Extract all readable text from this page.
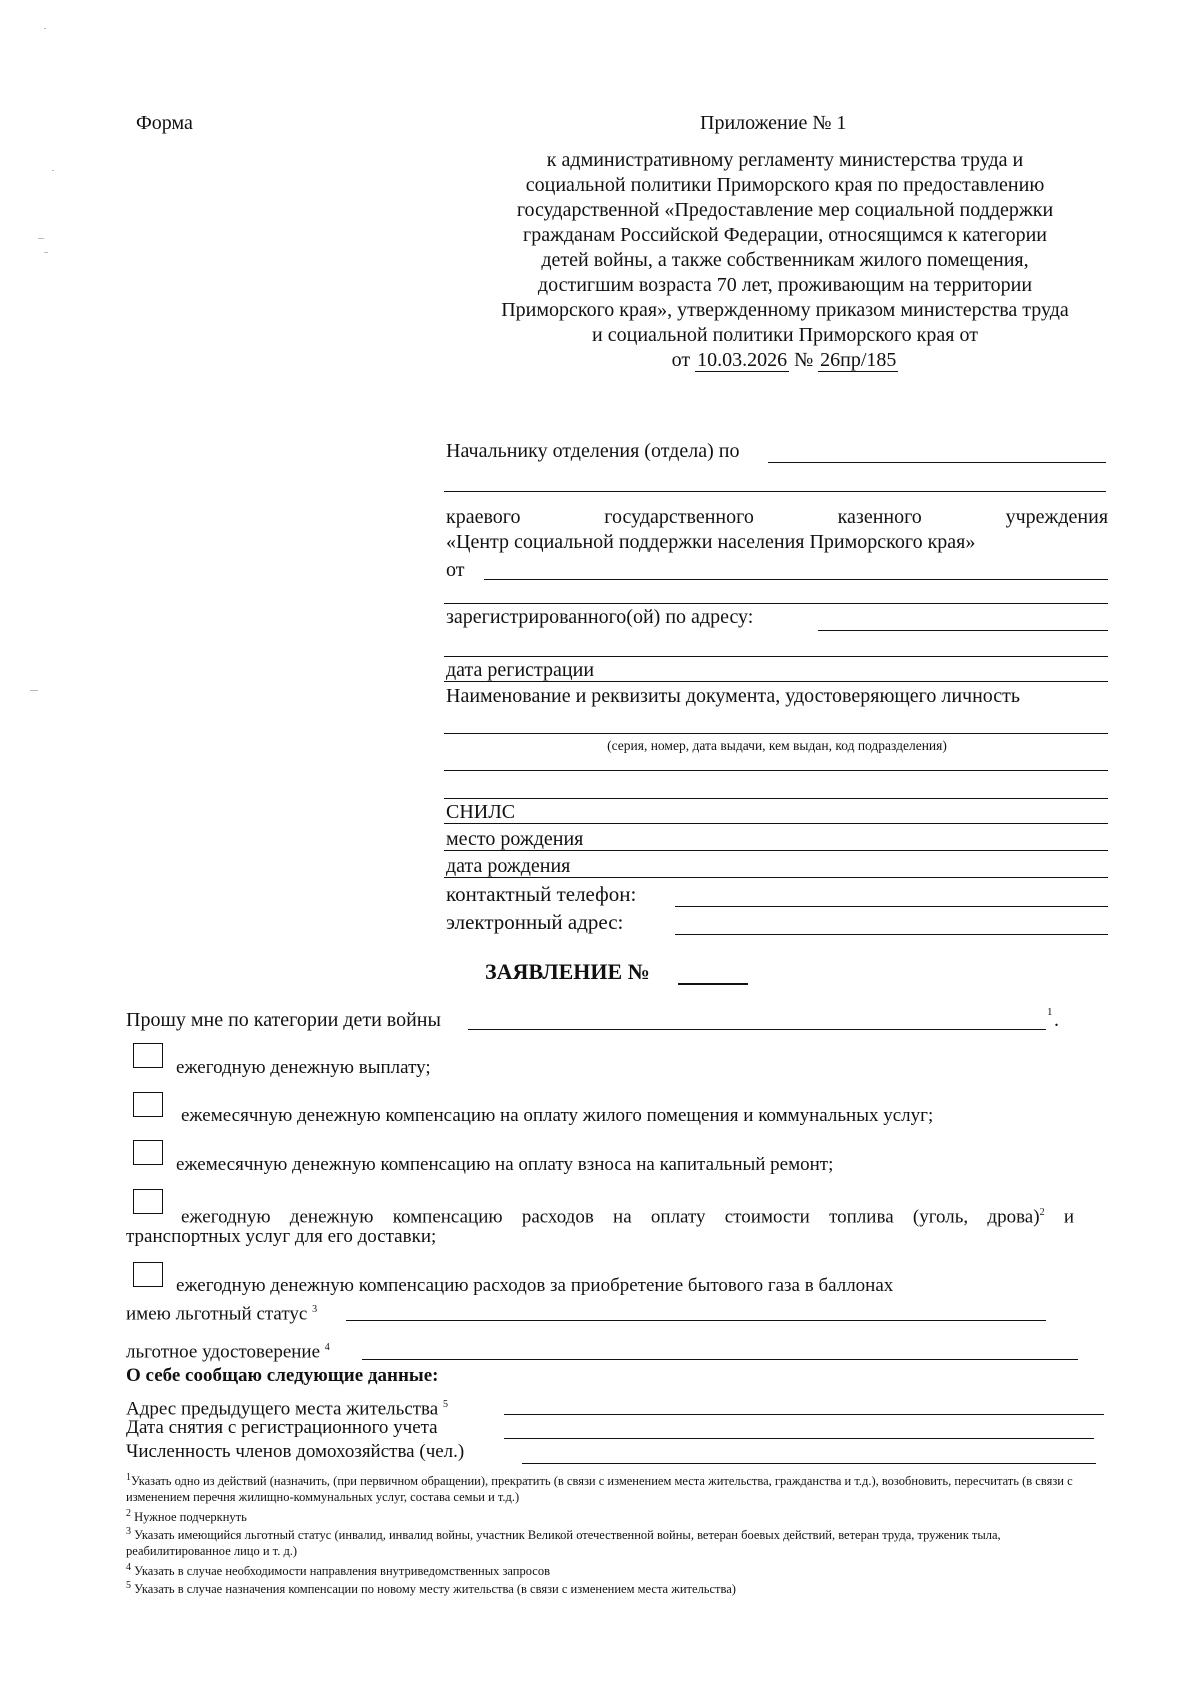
Форма	Приложение № 1
к административному регламенту министерства труда и
социальной политики Приморского края по предоставлению
государственной «Предоставление мер социальной поддержки
гражданам Российской Федерации, относящимся к категории
детей войны, а также собственникам жилого помещения,
достигшим возраста 70 лет, проживающим на территории
Приморского края», утвержденному приказом министерства труда
и социальной политики Приморского края от
от 10.03.2026 № 26пр/185
Начальнику отделения (отдела) по
краевого	государственного	казенного	учреждения
«Центр социальной поддержки населения Приморского края»
от
зарегистрированного(ой) по адресу:
дата регистрации
Наименование и реквизиты документа, удостоверяющего личность
(серия, номер, дата выдачи, кем выдан, код подразделения)
СНИЛС
место рождения
дата рождения
контактный телефон:
электронный адрес:
ЗАЯВЛЕНИЕ №
Прошу мне по категории дети войны	1 .
ежегодную денежную выплату;
ежемесячную денежную компенсацию на оплату жилого помещения и коммунальных услуг;
ежемесячную денежную компенсацию на оплату взноса на капитальный ремонт;
ежегодную денежную компенсацию расходов на оплату стоимости топлива (уголь, дрова)$^2$ и
транспортных услуг для его доставки;
ежегодную денежную компенсацию расходов за приобретение бытового газа в баллонах
имею льготный статус $^3$
льготное удостоверение $^4$
О себе сообщаю следующие данные:
Адрес предыдущего места жительства $^5$
Дата снятия с регистрационного учета
Численность членов домохозяйства (чел.)
$^1$Указать одно из действий (назначить, (при первичном обращении), прекратить (в связи с изменением места жительства, гражданства и т.д.), возобновить, пересчитать (в связи с изменением перечня жилищно-коммунальных услуг, состава семьи и т.д.)
$^2$ Нужное подчеркнуть
$^3$ Указать имеющийся льготный статус (инвалид, инвалид войны, участник Великой отечественной войны, ветеран боевых действий, ветеран труда, труженик тыла, реабилитированное лицо и т. д.)
$^4$ Указать в случае необходимости направления внутриведомственных запросов
$^5$ Указать в случае назначения компенсации по новому месту жительства (в связи с изменением места жительства)
